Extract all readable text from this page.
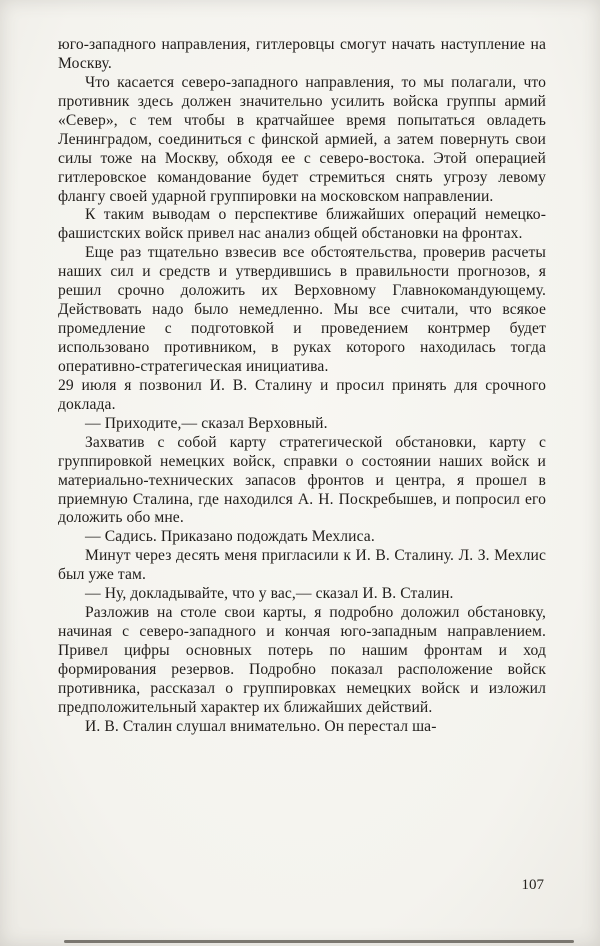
юго-западного направления, гитлеровцы смогут начать наступление на Москву.

Что касается северо-западного направления, то мы полагали, что противник здесь должен значительно усилить войска группы армий «Север», с тем чтобы в кратчайшее время попытаться овладеть Ленинградом, соединиться с финской армией, а затем повернуть свои силы тоже на Москву, обходя ее с северо-востока. Этой операцией гитлеровское командование будет стремиться снять угрозу левому флангу своей ударной группировки на московском направлении.

К таким выводам о перспективе ближайших операций немецко-фашистских войск привел нас анализ общей обстановки на фронтах.

Еще раз тщательно взвесив все обстоятельства, проверив расчеты наших сил и средств и утвердившись в правильности прогнозов, я решил срочно доложить их Верховному Главнокомандующему. Действовать надо было немедленно. Мы все считали, что всякое промедление с подготовкой и проведением контрмер будет использовано противником, в руках которого находилась тогда оперативно-стратегическая инициатива.

29 июля я позвонил И. В. Сталину и просил принять для срочного доклада.

— Приходите,— сказал Верховный.

Захватив с собой карту стратегической обстановки, карту с группировкой немецких войск, справки о состоянии наших войск и материально-технических запасов фронтов и центра, я прошел в приемную Сталина, где находился А. Н. Поскребышев, и попросил его доложить обо мне.

— Садись. Приказано подождать Мехлиса.

Минут через десять меня пригласили к И. В. Сталину. Л. З. Мехлис был уже там.

— Ну, докладывайте, что у вас,— сказал И. В. Сталин.

Разложив на столе свои карты, я подробно доложил обстановку, начиная с северо-западного и кончая юго-западным направлением. Привел цифры основных потерь по нашим фронтам и ход формирования резервов. Подробно показал расположение войск противника, рассказал о группировках немецких войск и изложил предположительный характер их ближайших действий.

И. В. Сталин слушал внимательно. Он перестал ша-

107
